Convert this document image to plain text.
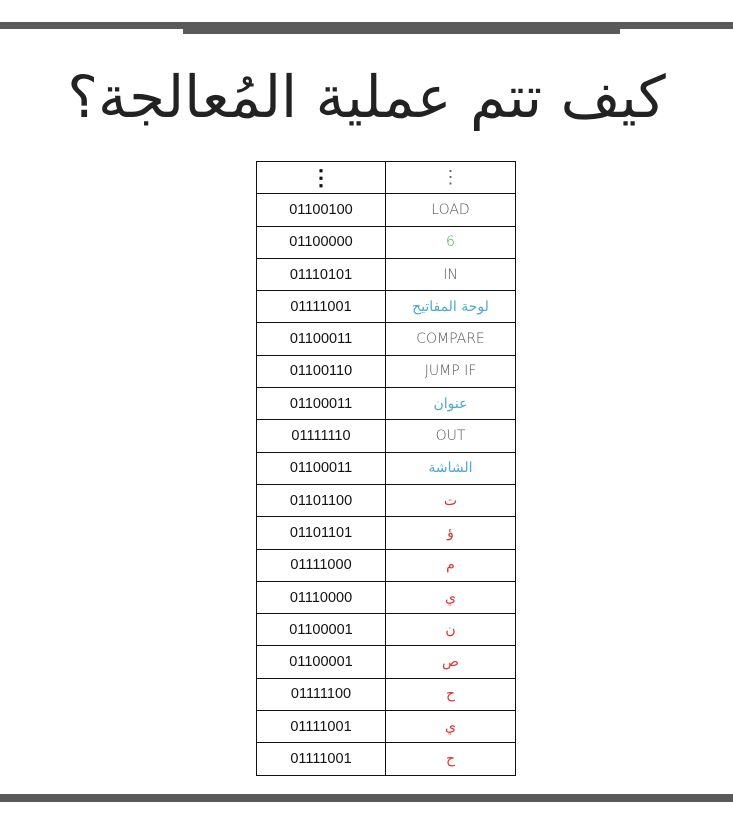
كيف تتم عملية المُعالجة؟
⋮	⋮
01100100	LOAD
01100000	6
01110101	IN
01111001	لوحة المفاتيح
01100011	COMPARE
01100110	JUMP IF
01100011	عنوان
01111110	OUT
01100011	الشاشة
01101100	ت
01101101	ؤ
01111000	م
01110000	ي
01100001	ن
01100001	ص
01111100	ح
01111001	ي
01111001	ح
